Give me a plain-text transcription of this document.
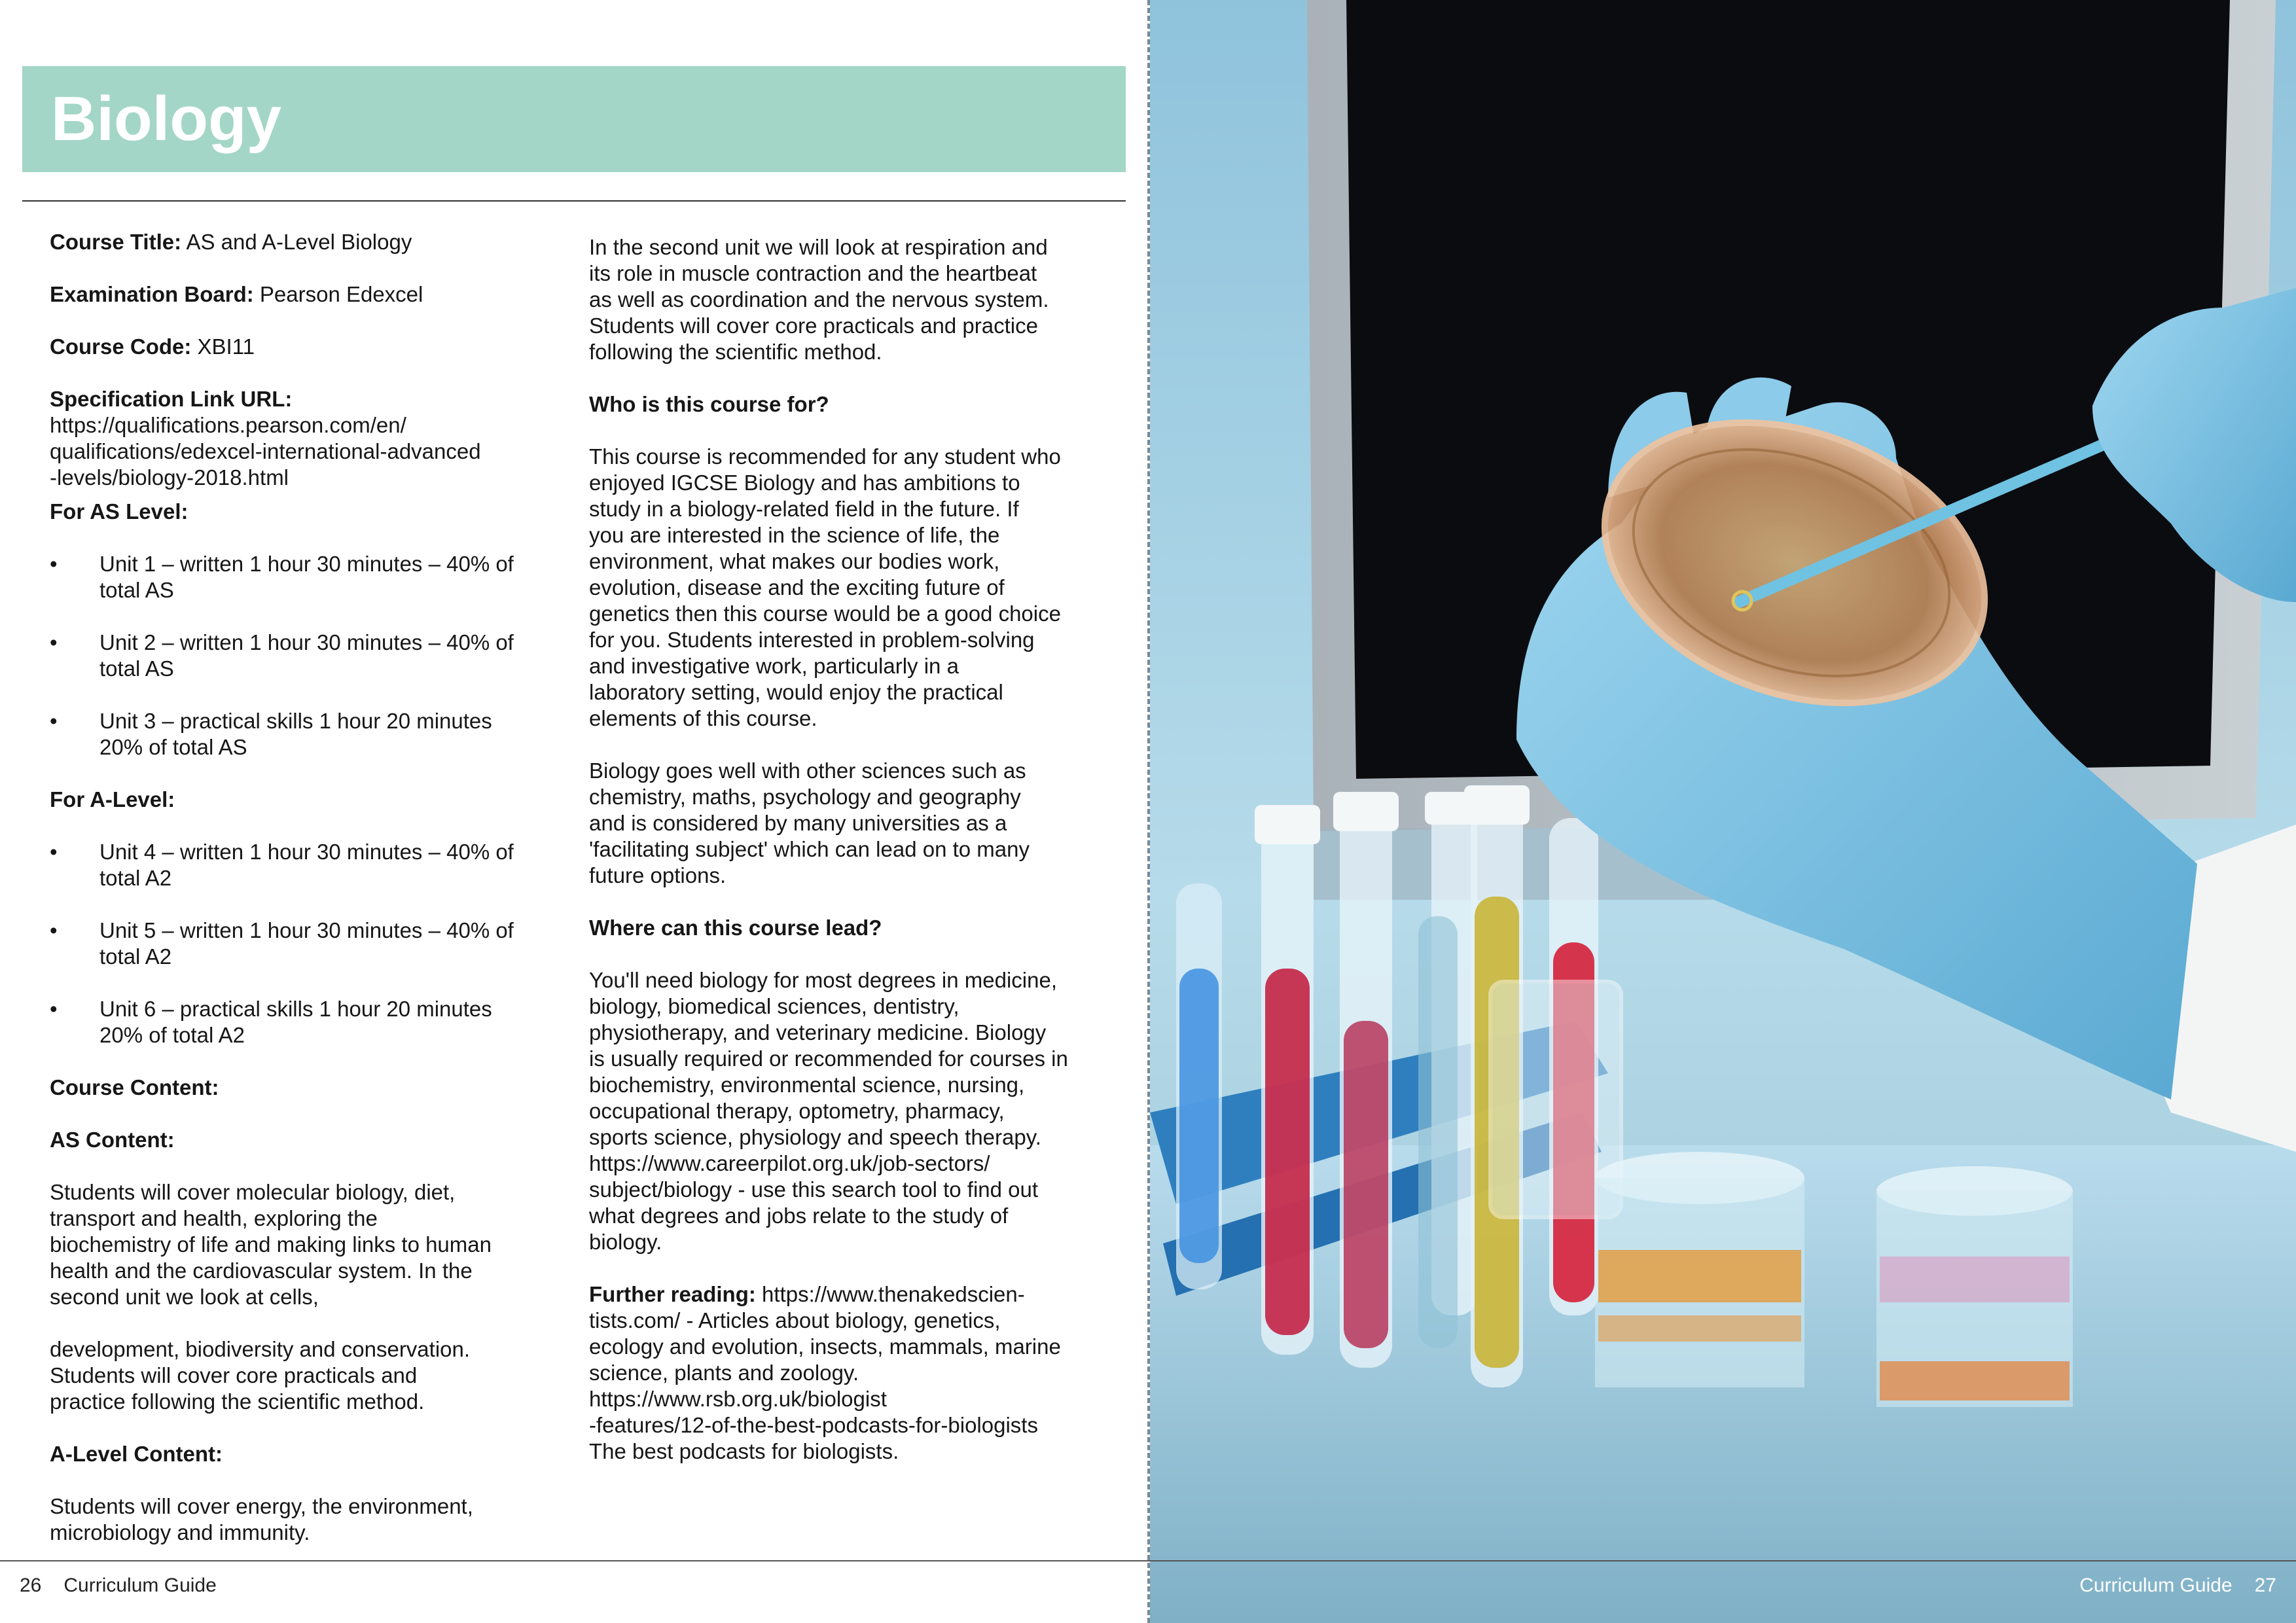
Biology

Course Title: AS and A-Level Biology

Examination Board: Pearson Edexcel

Course Code: XBI11

Specification Link URL:
https://qualifications.pearson.com/en/
qualifications/edexcel-international-advanced
-levels/biology-2018.html
For AS Level:
• Unit 1 – written 1 hour 30 minutes – 40% of
total AS
• Unit 2 – written 1 hour 30 minutes – 40% of
total AS
• Unit 3 – practical skills 1 hour 20 minutes
20% of total AS
For A-Level:
• Unit 4 – written 1 hour 30 minutes – 40% of
total A2
• Unit 5 – written 1 hour 30 minutes – 40% of
total A2
• Unit 6 – practical skills 1 hour 20 minutes
20% of total A2
Course Content:
AS Content:
Students will cover molecular biology, diet,
transport and health, exploring the
biochemistry of life and making links to human
health and the cardiovascular system. In the
second unit we look at cells,
development, biodiversity and conservation.
Students will cover core practicals and
practice following the scientific method.
A-Level Content:
Students will cover energy, the environment,
microbiology and immunity.
In the second unit we will look at respiration and
its role in muscle contraction and the heartbeat
as well as coordination and the nervous system.
Students will cover core practicals and practice
following the scientific method.
Who is this course for?
This course is recommended for any student who
enjoyed IGCSE Biology and has ambitions to
study in a biology-related field in the future. If
you are interested in the science of life, the
environment, what makes our bodies work,
evolution, disease and the exciting future of
genetics then this course would be a good choice
for you. Students interested in problem-solving
and investigative work, particularly in a
laboratory setting, would enjoy the practical
elements of this course.
Biology goes well with other sciences such as
chemistry, maths, psychology and geography
and is considered by many universities as a
'facilitating subject' which can lead on to many
future options.
Where can this course lead?
You'll need biology for most degrees in medicine,
biology, biomedical sciences, dentistry,
physiotherapy, and veterinary medicine. Biology
is usually required or recommended for courses in
biochemistry, environmental science, nursing,
occupational therapy, optometry, pharmacy,
sports science, physiology and speech therapy.
https://www.careerpilot.org.uk/job-sectors/
subject/biology - use this search tool to find out
what degrees and jobs relate to the study of
biology.
Further reading: https://www.thenakedscien-
tists.com/ - Articles about biology, genetics,
ecology and evolution, insects, mammals, marine
science, plants and zoology.
https://www.rsb.org.uk/biologist
-features/12-of-the-best-podcasts-for-biologists
The best podcasts for biologists.
26 Curriculum Guide	Curriculum Guide 27
